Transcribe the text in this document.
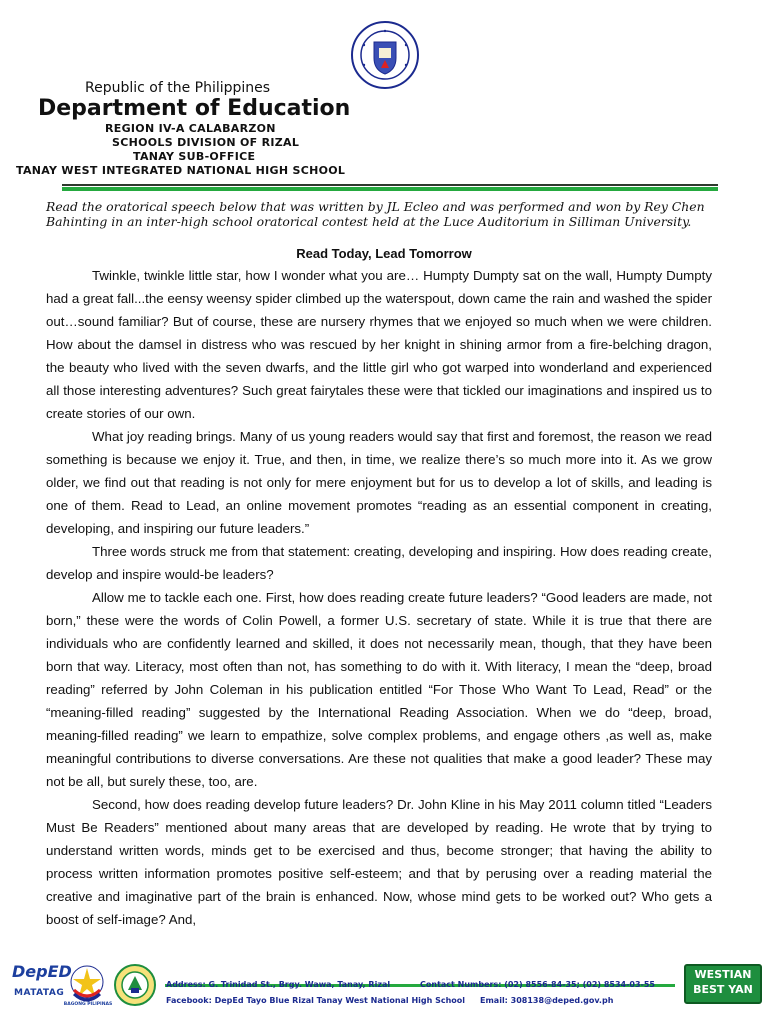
Republic of the Philippines
Department of Education
REGION IV-A CALABARZON
SCHOOLS DIVISION OF RIZAL
TANAY SUB-OFFICE
TANAY WEST INTEGRATED NATIONAL HIGH SCHOOL
Read the oratorical speech below that was written by JL Ecleo and was performed and won by Rey Chen Bahinting in an inter-high school oratorical contest held at the Luce Auditorium in Silliman University.
Read Today, Lead Tomorrow

Twinkle, twinkle little star, how I wonder what you are… Humpty Dumpty sat on the wall, Humpty Dumpty had a great fall...the eensy weensy spider climbed up the waterspout, down came the rain and washed the spider out…sound familiar? But of course, these are nursery rhymes that we enjoyed so much when we were children. How about the damsel in distress who was rescued by her knight in shining armor from a fire-belching dragon, the beauty who lived with the seven dwarfs, and the little girl who got warped into wonderland and experienced all those interesting adventures? Such great fairytales these were that tickled our imaginations and inspired us to create stories of our own.

What joy reading brings. Many of us young readers would say that first and foremost, the reason we read something is because we enjoy it. True, and then, in time, we realize there’s so much more into it. As we grow older, we find out that reading is not only for mere enjoyment but for us to develop a lot of skills, and leading is one of them. Read to Lead, an online movement promotes “reading as an essential component in creating, developing, and inspiring our future leaders.”

Three words struck me from that statement: creating, developing and inspiring. How does reading create, develop and inspire would-be leaders?

Allow me to tackle each one. First, how does reading create future leaders? “Good leaders are made, not born,” these were the words of Colin Powell, a former U.S. secretary of state. While it is true that there are individuals who are confidently learned and skilled, it does not necessarily mean, though, that they have been born that way. Literacy, most often than not, has something to do with it. With literacy, I mean the “deep, broad reading” referred by John Coleman in his publication entitled “For Those Who Want To Lead, Read” or the “meaning-filled reading” suggested by the International Reading Association. When we do “deep, broad, meaning-filled reading” we learn to empathize, solve complex problems, and engage others ,as well as, make meaningful contributions to diverse conversations. Are these not qualities that make a good leader? These may not be all, but surely these, too, are.

Second, how does reading develop future leaders? Dr. John Kline in his May 2011 column titled “Leaders Must Be Readers” mentioned about many areas that are developed by reading. He wrote that by trying to understand written words, minds get to be exercised and thus, become stronger; that having the ability to process written information promotes positive self-esteem; and that by perusing over a reading material the creative and imaginative part of the brain is enhanced. Now, whose mind gets to be worked out? Who gets a boost of self-image? And,

DepED
MATATAG
BAGONG PILIPINAS
Address: G. Trinidad St., Brgy. Wawa, Tanay, Rizal	Contact Numbers: (02) 8556-84-35; (02) 8534-03-55
Facebook: DepEd Tayo Blue Rizal Tanay West National High School Email: 308138@deped.gov.ph
WESTIAN
BEST YAN
